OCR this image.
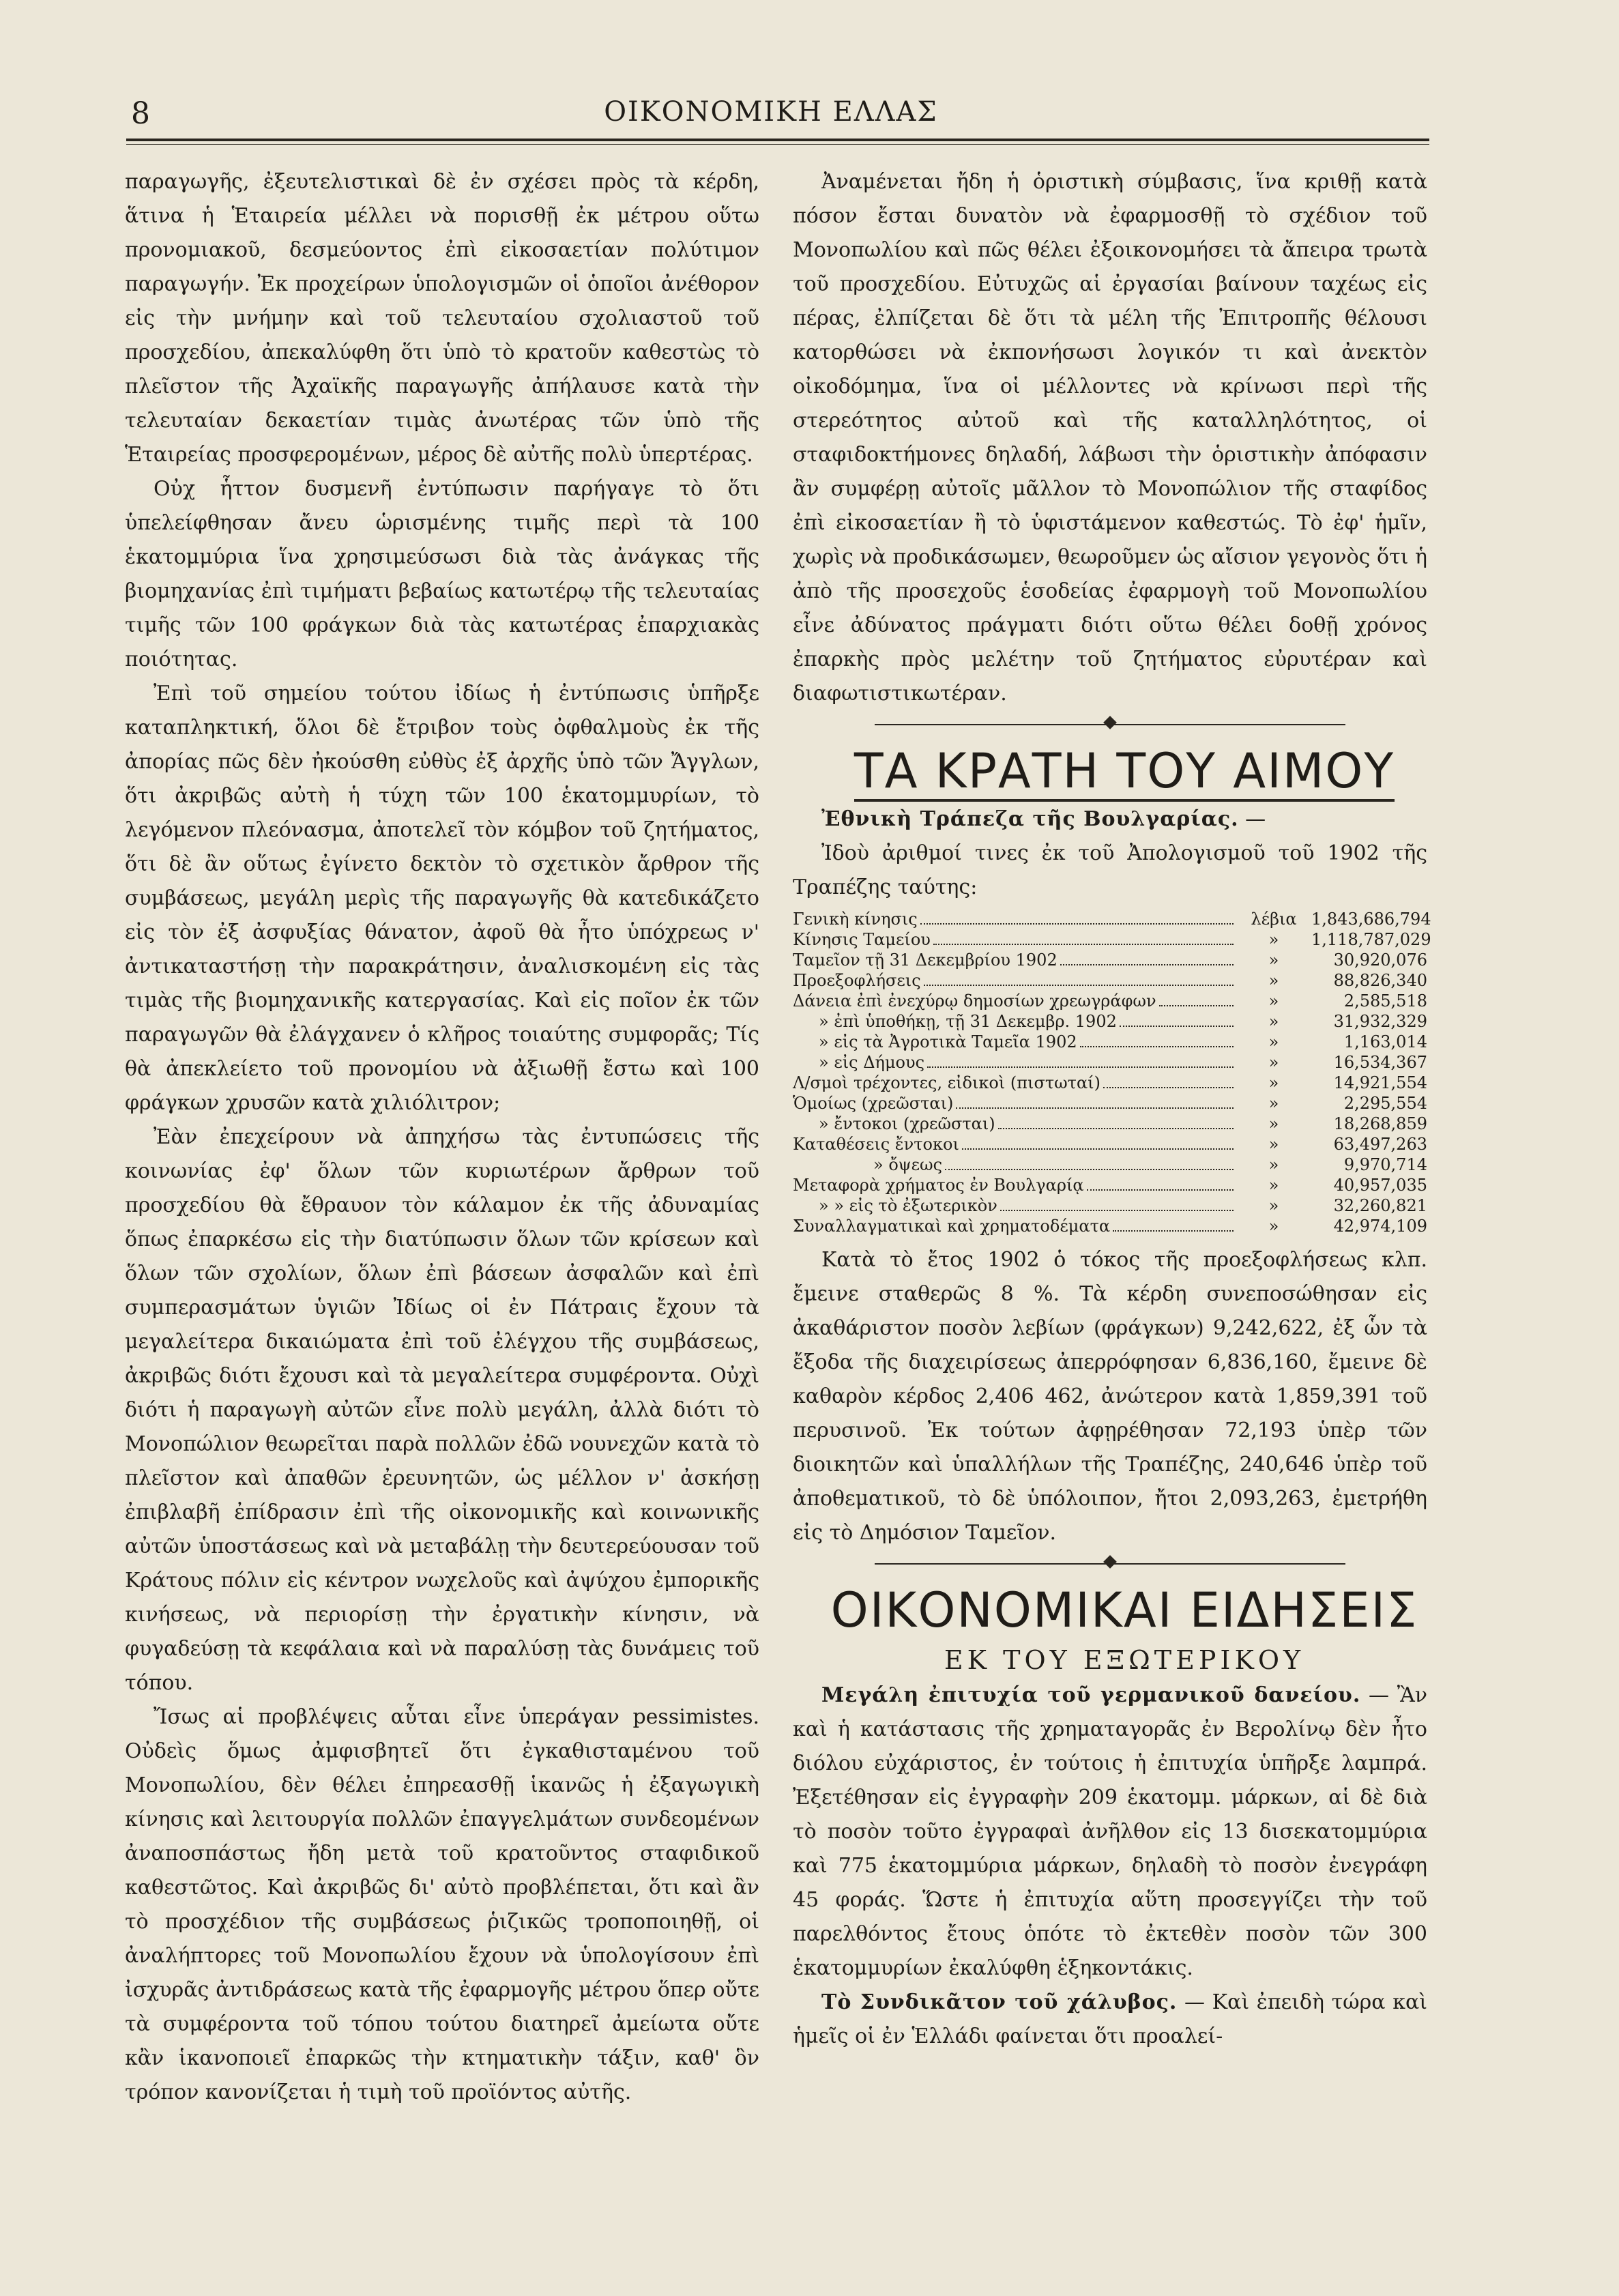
ΟΙΚΟΝΟΜΙΚΗ ΕΛΛΑΣ
8

παραγωγῆς, ἐξευτελιστικαὶ δὲ ἐν σχέσει πρὸς τὰ κέρδη, ἅτινα ἡ Ἑταιρεία μέλλει νὰ πορισθῇ ἐκ μέτρου οὕτω προνομιακοῦ, δεσμεύοντος ἐπὶ εἰκοσαετίαν πολύτιμον παραγωγήν. Ἐκ προχείρων ὑπολογισμῶν οἱ ὁποῖοι ἀνέθορον εἰς τὴν μνήμην καὶ τοῦ τελευταίου σχολιαστοῦ τοῦ προσχεδίου, ἀπεκαλύφθη ὅτι ὑπὸ τὸ κρατοῦν καθεστὼς τὸ πλεῖστον τῆς Ἀχαϊκῆς παραγωγῆς ἀπήλαυσε κατὰ τὴν τελευταίαν δεκαετίαν τιμὰς ἀνωτέρας τῶν ὑπὸ τῆς Ἑταιρείας προσφερομένων, μέρος δὲ αὐτῆς πολὺ ὑπερτέρας.

Οὐχ ἧττον δυσμενῆ ἐντύπωσιν παρήγαγε τὸ ὅτι ὑπελείφθησαν ἄνευ ὡρισμένης τιμῆς περὶ τὰ 100 ἑκατομμύρια ἵνα χρησιμεύσωσι διὰ τὰς ἀνάγκας τῆς βιομηχανίας ἐπὶ τιμήματι βεβαίως κατωτέρῳ τῆς τελευταίας τιμῆς τῶν 100 φράγκων διὰ τὰς κατωτέρας ἐπαρχιακὰς ποιότητας.

Ἐπὶ τοῦ σημείου τούτου ἰδίως ἡ ἐντύπωσις ὑπῆρξε καταπληκτική, ὅλοι δὲ ἔτριβον τοὺς ὀφθαλμοὺς ἐκ τῆς ἀπορίας πῶς δὲν ἠκούσθη εὐθὺς ἐξ ἀρχῆς ὑπὸ τῶν Ἄγγλων, ὅτι ἀκριβῶς αὐτὴ ἡ τύχη τῶν 100 ἑκατομμυρίων, τὸ λεγόμενον πλεόνασμα, ἀποτελεῖ τὸν κόμβον τοῦ ζητήματος, ὅτι δὲ ἂν οὕτως ἐγίνετο δεκτὸν τὸ σχετικὸν ἄρθρον τῆς συμβάσεως, μεγάλη μερὶς τῆς παραγωγῆς θὰ κατεδικάζετο εἰς τὸν ἐξ ἀσφυξίας θάνατον, ἀφοῦ θὰ ἦτο ὑπόχρεως ν' ἀντικαταστήσῃ τὴν παρακράτησιν, ἀναλισκομένη εἰς τὰς τιμὰς τῆς βιομηχανικῆς κατεργασίας. Καὶ εἰς ποῖον ἐκ τῶν παραγωγῶν θὰ ἐλάγχανεν ὁ κλῆρος τοιαύτης συμφορᾶς; Τίς θὰ ἀπεκλείετο τοῦ προνομίου νὰ ἀξιωθῇ ἔστω καὶ 100 φράγκων χρυσῶν κατὰ χιλιόλιτρον;

Ἐὰν ἐπεχείρουν νὰ ἀπηχήσω τὰς ἐντυπώσεις τῆς κοινωνίας ἐφ' ὅλων τῶν κυριωτέρων ἄρθρων τοῦ προσχεδίου θὰ ἔθραυον τὸν κάλαμον ἐκ τῆς ἀδυναμίας ὅπως ἐπαρκέσω εἰς τὴν διατύπωσιν ὅλων τῶν κρίσεων καὶ ὅλων τῶν σχολίων, ὅλων ἐπὶ βάσεων ἀσφαλῶν καὶ ἐπὶ συμπερασμάτων ὑγιῶν Ἰδίως οἱ ἐν Πάτραις ἔχουν τὰ μεγαλείτερα δικαιώματα ἐπὶ τοῦ ἐλέγχου τῆς συμβάσεως, ἀκριβῶς διότι ἔχουσι καὶ τὰ μεγαλείτερα συμφέροντα. Οὐχὶ διότι ἡ παραγωγὴ αὐτῶν εἶνε πολὺ μεγάλη, ἀλλὰ διότι τὸ Μονοπώλιον θεωρεῖται παρὰ πολλῶν ἐδῶ νουνεχῶν κατὰ τὸ πλεῖστον καὶ ἀπαθῶν ἐρευνητῶν, ὡς μέλλον ν' ἀσκήσῃ ἐπιβλαβῆ ἐπίδρασιν ἐπὶ τῆς οἰκονομικῆς καὶ κοινωνικῆς αὐτῶν ὑποστάσεως καὶ νὰ μεταβάλῃ τὴν δευτερεύουσαν τοῦ Κράτους πόλιν εἰς κέντρον νωχελοῦς καὶ ἀψύχου ἐμπορικῆς κινήσεως, νὰ περιορίσῃ τὴν ἐργατικὴν κίνησιν, νὰ φυγαδεύσῃ τὰ κεφάλαια καὶ νὰ παραλύσῃ τὰς δυνάμεις τοῦ τόπου.

Ἴσως αἱ προβλέψεις αὗται εἶνε ὑπεράγαν pessimistes. Οὐδεὶς ὅμως ἀμφισβητεῖ ὅτι ἐγκαθισταμένου τοῦ Μονοπωλίου, δὲν θέλει ἐπηρεασθῇ ἱκανῶς ἡ ἐξαγωγικὴ κίνησις καὶ λειτουργία πολλῶν ἐπαγγελμάτων συνδεομένων ἀναποσπάστως ἤδη μετὰ τοῦ κρατοῦντος σταφιδικοῦ καθεστῶτος. Καὶ ἀκριβῶς δι' αὐτὸ προβλέπεται, ὅτι καὶ ἂν τὸ προσχέδιον τῆς συμβάσεως ῥιζικῶς τροποποιηθῇ, οἱ ἀναλήπτορες τοῦ Μονοπωλίου ἔχουν νὰ ὑπολογίσουν ἐπὶ ἰσχυρᾶς ἀντιδράσεως κατὰ τῆς ἐφαρμογῆς μέτρου ὅπερ οὔτε τὰ συμφέροντα τοῦ τόπου τούτου διατηρεῖ ἀμείωτα οὔτε κἂν ἱκανοποιεῖ ἐπαρκῶς τὴν κτηματικὴν τάξιν, καθ' ὃν τρόπον κανονίζεται ἡ τιμὴ τοῦ προϊόντος αὐτῆς.

Ἀναμένεται ἤδη ἡ ὁριστικὴ σύμβασις, ἵνα κριθῇ κατὰ πόσον ἔσται δυνατὸν νὰ ἐφαρμοσθῇ τὸ σχέδιον τοῦ Μονοπωλίου καὶ πῶς θέλει ἐξοικονομήσει τὰ ἄπειρα τρωτὰ τοῦ προσχεδίου. Εὐτυχῶς αἱ ἐργασίαι βαίνουν ταχέως εἰς πέρας, ἐλπίζεται δὲ ὅτι τὰ μέλη τῆς Ἐπιτροπῆς θέλουσι κατορθώσει νὰ ἐκπονήσωσι λογικόν τι καὶ ἀνεκτὸν οἰκοδόμημα, ἵνα οἱ μέλλοντες νὰ κρίνωσι περὶ τῆς στερεότητος αὐτοῦ καὶ τῆς καταλληλότητος, οἱ σταφιδοκτήμονες δηλαδή, λάβωσι τὴν ὁριστικὴν ἀπόφασιν ἂν συμφέρῃ αὐτοῖς μᾶλλον τὸ Μονοπώλιον τῆς σταφίδος ἐπὶ εἰκοσαετίαν ἢ τὸ ὑφιστάμενον καθεστώς. Τὸ ἐφ' ἡμῖν, χωρὶς νὰ προδικάσωμεν, θεωροῦμεν ὡς αἴσιον γεγονὸς ὅτι ἡ ἀπὸ τῆς προσεχοῦς ἑσοδείας ἐφαρμογὴ τοῦ Μονοπωλίου εἶνε ἀδύνατος πράγματι διότι οὕτω θέλει δοθῇ χρόνος ἐπαρκὴς πρὸς μελέτην τοῦ ζητήματος εὐρυτέραν καὶ διαφωτιστικωτέραν.

ΤΑ ΚΡΑΤΗ ΤΟΥ ΑΙΜΟΥ

Ἐθνικὴ Τράπεζα τῆς Βουλγαρίας. —

Ἰδοὺ ἀριθμοί τινες ἐκ τοῦ Ἀπολογισμοῦ τοῦ 1902 τῆς Τραπέζης ταύτης:

Γενικὴ κίνησις	λέβια 1,843,686,794
Κίνησις Ταμείου	»	1,118,787,029
Ταμεῖον τῇ 31 Δεκεμβρίου 1902	»	30,920,076
Προεξοφλήσεις	»	88,826,340
Δάνεια ἐπὶ ἐνεχύρῳ δημοσίων χρεωγράφων	»	2,585,518
» ἐπὶ ὑποθήκῃ, τῇ 31 Δεκεμβρ. 1902	»	31,932,329
» εἰς τὰ Ἀγροτικὰ Ταμεῖα 1902	»	1,163,014
» εἰς Δήμους	»	16,534,367
Λ/σμοὶ τρέχοντες, εἰδικοὶ (πιστωταί)	»	14,921,554
Ὁμοίως (χρεῶσται)	»	2,295,554
» ἔντοκοι (χρεῶσται)	»	18,268,859
Καταθέσεις ἔντοκοι	»	63,497,263
» ὄψεως	»	9,970,714
Μεταφορὰ χρήματος ἐν Βουλγαρίᾳ	»	40,957,035
» » εἰς τὸ ἐξωτερικὸν	»	32,260,821
Συναλλαγματικαὶ καὶ χρηματοδέματα	»	42,974,109

Κατὰ τὸ ἔτος 1902 ὁ τόκος τῆς προεξοφλήσεως κλπ. ἔμεινε σταθερῶς 8 %. Τὰ κέρδη συνεποσώθησαν εἰς ἀκαθάριστον ποσὸν λεβίων (φράγκων) 9,242,622, ἐξ ὧν τὰ ἔξοδα τῆς διαχειρίσεως ἀπερρόφησαν 6,836,160, ἔμεινε δὲ καθαρὸν κέρδος 2,406 462, ἀνώτερον κατὰ 1,859,391 τοῦ περυσινοῦ. Ἐκ τούτων ἀφῃρέθησαν 72,193 ὑπὲρ τῶν διοικητῶν καὶ ὑπαλλήλων τῆς Τραπέζης, 240,646 ὑπὲρ τοῦ ἀποθεματικοῦ, τὸ δὲ ὑπόλοιπον, ἤτοι 2,093,263, ἐμετρήθη εἰς τὸ Δημόσιον Ταμεῖον.

ΟΙΚΟΝΟΜΙΚΑΙ ΕΙΔΗΣΕΙΣ

ΕΚ ΤΟΥ ΕΞΩΤΕΡΙΚΟΥ

Μεγάλη ἐπιτυχία τοῦ γερμανικοῦ δανείου. — Ἂν καὶ ἡ κατάστασις τῆς χρηματαγορᾶς ἐν Βερολίνῳ δὲν ἦτο διόλου εὐχάριστος, ἐν τούτοις ἡ ἐπιτυχία ὑπῆρξε λαμπρά. Ἐξετέθησαν εἰς ἐγγραφὴν 209 ἑκατομμ. μάρκων, αἱ δὲ διὰ τὸ ποσὸν τοῦτο ἐγγραφαὶ ἀνῆλθον εἰς 13 δισεκατομμύρια καὶ 775 ἑκατομμύρια μάρκων, δηλαδὴ τὸ ποσὸν ἐνεγράφη 45 φοράς. Ὥστε ἡ ἐπιτυχία αὕτη προσεγγίζει τὴν τοῦ παρελθόντος ἔτους ὁπότε τὸ ἐκτεθὲν ποσὸν τῶν 300 ἑκατομμυρίων ἐκαλύφθη ἑξηκοντάκις.

Τὸ Συνδικᾶτον τοῦ χάλυβος. — Καὶ ἐπειδὴ τώρα καὶ ἡμεῖς οἱ ἐν Ἑλλάδι φαίνεται ὅτι προαλεί-
